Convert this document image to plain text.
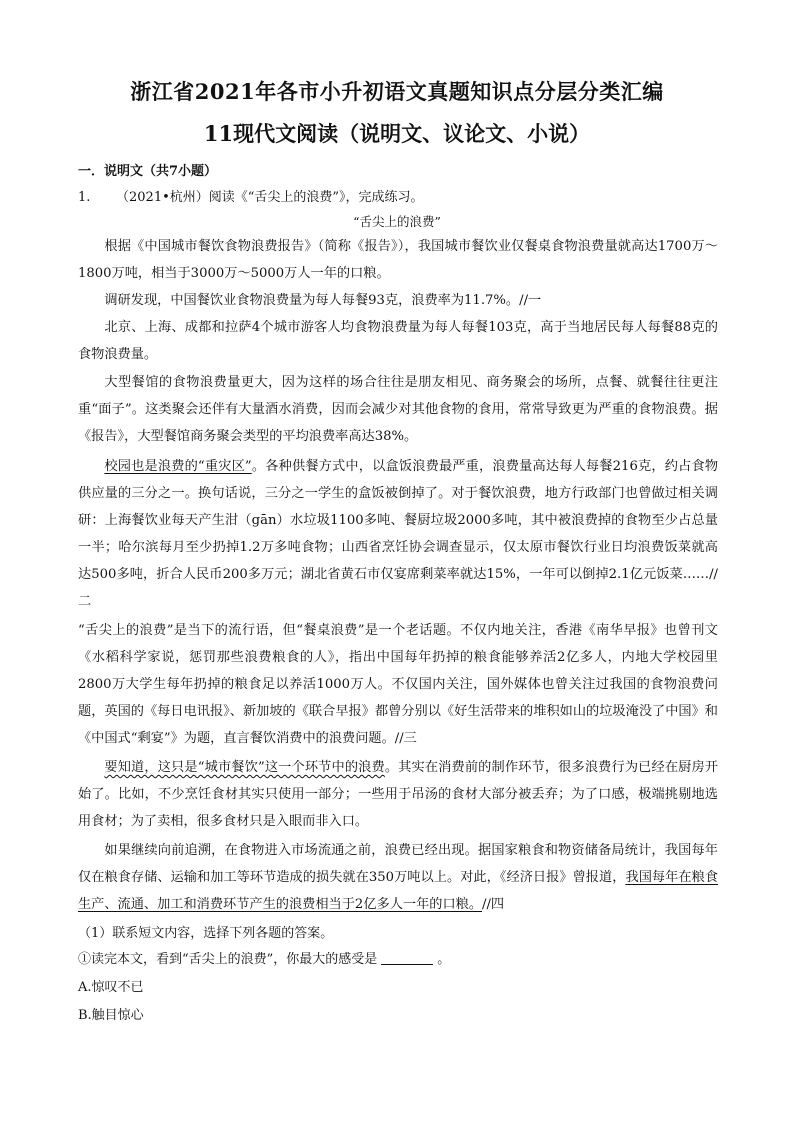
浙江省2021年各市小升初语文真题知识点分层分类汇编
11现代文阅读（说明文、议论文、小说）
一．说明文（共7小题）
1. （2021•杭州）阅读《“舌尖上的浪费”》，完成练习。
“舌尖上的浪费”

根据《中国城市餐饮食物浪费报告》（简称《报告》），我国城市餐饮业仅餐桌食物浪费量就高达1700万～1800万吨，相当于3000万～5000万人一年的口粮。

调研发现，中国餐饮业食物浪费量为每人每餐93克，浪费率为11.7%。//一

北京、上海、成都和拉萨4个城市游客人均食物浪费量为每人每餐103克，高于当地居民每人每餐88克的食物浪费量。

大型餐馆的食物浪费量更大，因为这样的场合往往是朋友相见、商务聚会的场所，点餐、就餐往往更注重“面子”。这类聚会还伴有大量酒水消费，因而会减少对其他食物的食用，常常导致更为严重的食物浪费。据《报告》，大型餐馆商务聚会类型的平均浪费率高达38%。

校园也是浪费的“重灾区”。各种供餐方式中，以盒饭浪费最严重，浪费量高达每人每餐216克，约占食物供应量的三分之一。换句话说，三分之一学生的盒饭被倒掉了。对于餐饮浪费，地方行政部门也曾做过相关调研：上海餐饮业每天产生泔（gān）水垃圾1100多吨、餐厨垃圾2000多吨，其中被浪费掉的食物至少占总量一半；哈尔滨每月至少扔掉1.2万多吨食物；山西省烹饪协会调查显示，仅太原市餐饮行业日均浪费饭菜就高达500多吨，折合人民币200多万元；湖北省黄石市仅宴席剩菜率就达15%，一年可以倒掉2.1亿元饭菜……//二

“舌尖上的浪费”是当下的流行语，但“餐桌浪费”是一个老话题。不仅内地关注，香港《南华早报》也曾刊文《水稻科学家说，惩罚那些浪费粮食的人》，指出中国每年扔掉的粮食能够养活2亿多人，内地大学校园里2800万大学生每年扔掉的粮食足以养活1000万人。不仅国内关注，国外媒体也曾关注过我国的食物浪费问题，英国的《每日电讯报》、新加坡的《联合早报》都曾分别以《好生活带来的堆积如山的垃圾淹没了中国》和《中国式“剩宴”》为题，直言餐饮消费中的浪费问题。//三

要知道，这只是“城市餐饮”这一个环节中的浪费。其实在消费前的制作环节，很多浪费行为已经在厨房开始了。比如，不少烹饪食材其实只使用一部分；一些用于吊汤的食材大部分被丢弃；为了口感，极端挑剔地选用食材；为了卖相，很多食材只是入眼而非入口。

如果继续向前追溯，在食物进入市场流通之前，浪费已经出现。据国家粮食和物资储备局统计，我国每年仅在粮食存储、运输和加工等环节造成的损失就在350万吨以上。对此，《经济日报》曾报道，我国每年在粮食生产、流通、加工和消费环节产生的浪费相当于2亿多人一年的口粮。//四

（1）联系短文内容，选择下列各题的答案。
①读完本文，看到“舌尖上的浪费”，你最大的感受是	。
A.惊叹不已
B.触目惊心
